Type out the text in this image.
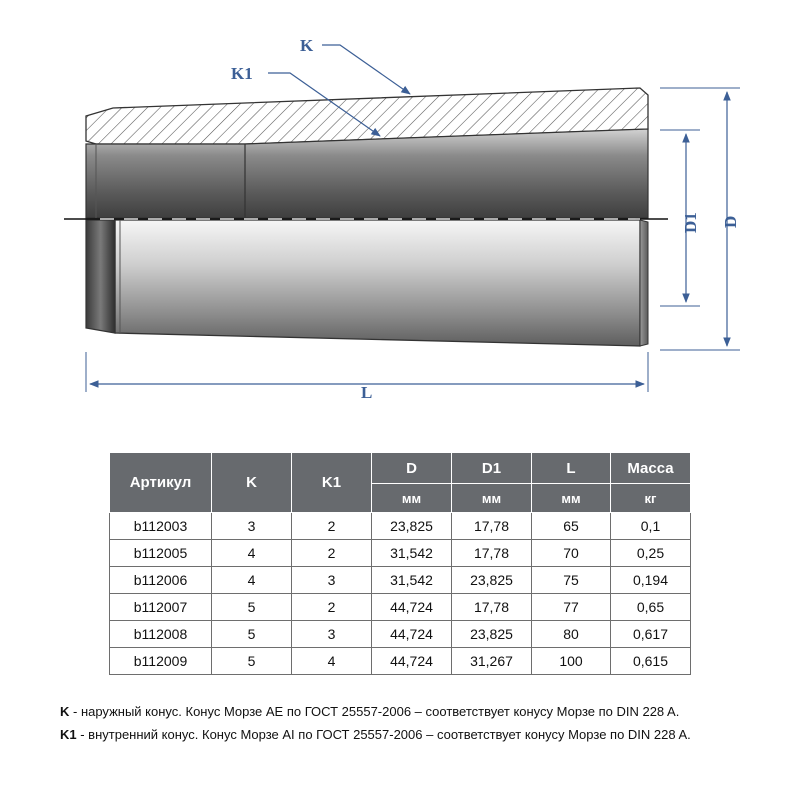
K
K1
L
D1 D
Артикул	K	K1	D	D1	L	Масса
			мм	мм	мм	кг
b112003	3	2	23,825	17,78	65	0,1
b112005	4	2	31,542	17,78	70	0,25
b112006	4	3	31,542	23,825	75	0,194
b112007	5	2	44,724	17,78	77	0,65
b112008	5	3	44,724	23,825	80	0,617
b112009	5	4	44,724	31,267	100	0,615
K - наружный конус. Конус Морзе АЕ по ГОСТ 25557-2006 – соответствует конусу Морзе по DIN 228 A.
K1 - внутренний конус. Конус Морзе AI по ГОСТ 25557-2006 – соответствует конусу Морзе по DIN 228 A.
